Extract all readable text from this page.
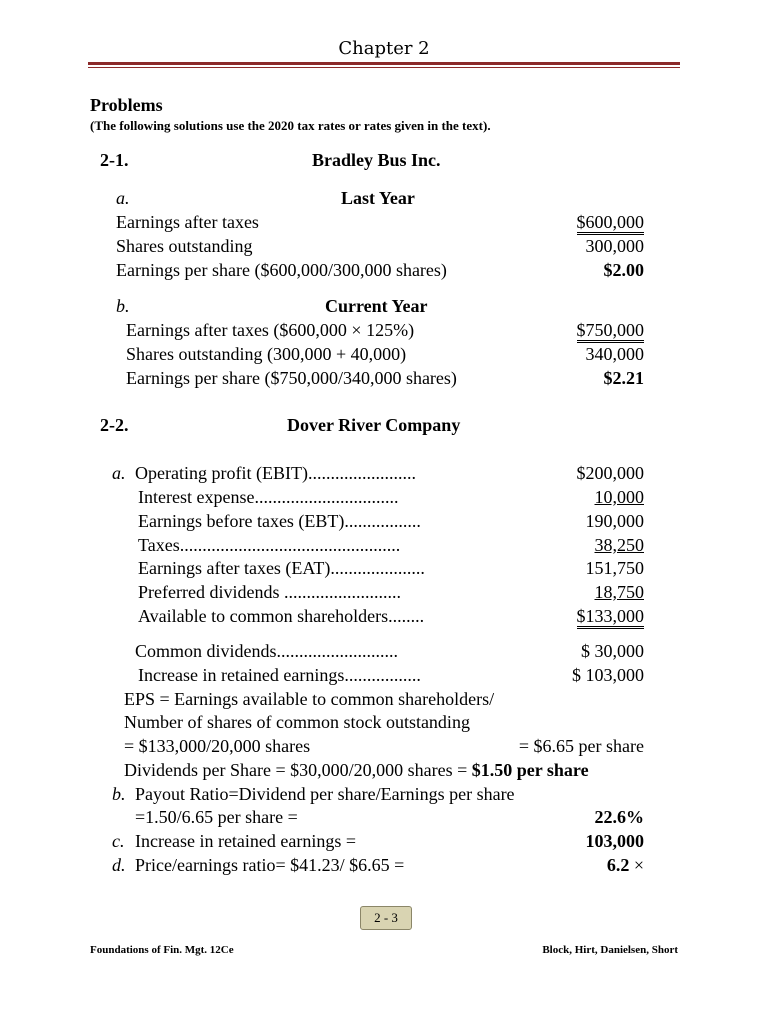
Chapter 2
Problems
(The following solutions use the 2020 tax rates or rates given in the text).
2-1.	Bradley Bus Inc.
a.	Last Year
Earnings after taxes	$600,000
Shares outstanding	300,000
Earnings per share ($600,000/300,000 shares)	$2.00
b.	Current Year
Earnings after taxes ($600,000 × 125%)	$750,000
Shares outstanding (300,000 + 40,000)	340,000
Earnings per share ($750,000/340,000 shares)	$2.21
2-2.	Dover River Company
a. Operating profit (EBIT)........................	$200,000
Interest expense................................	10,000
Earnings before taxes (EBT).................	190,000
Taxes.................................................	38,250
Earnings after taxes (EAT).....................	151,750
Preferred dividends ..........................	18,750
Available to common shareholders........	$133,000
Common dividends...........................	$ 30,000
Increase in retained earnings.................	$ 103,000
EPS = Earnings available to common shareholders/
Number of shares of common stock outstanding
= $133,000/20,000 shares	= $6.65 per share
Dividends per Share = $30,000/20,000 shares = $1.50 per share
b. Payout Ratio=Dividend per share/Earnings per share
=1.50/6.65 per share =	22.6%
c. Increase in retained earnings =	103,000
d. Price/earnings ratio= $41.23/ $6.65 =	6.2 ×
2 - 3
Foundations of Fin. Mgt. 12Ce	Block, Hirt, Danielsen, Short
